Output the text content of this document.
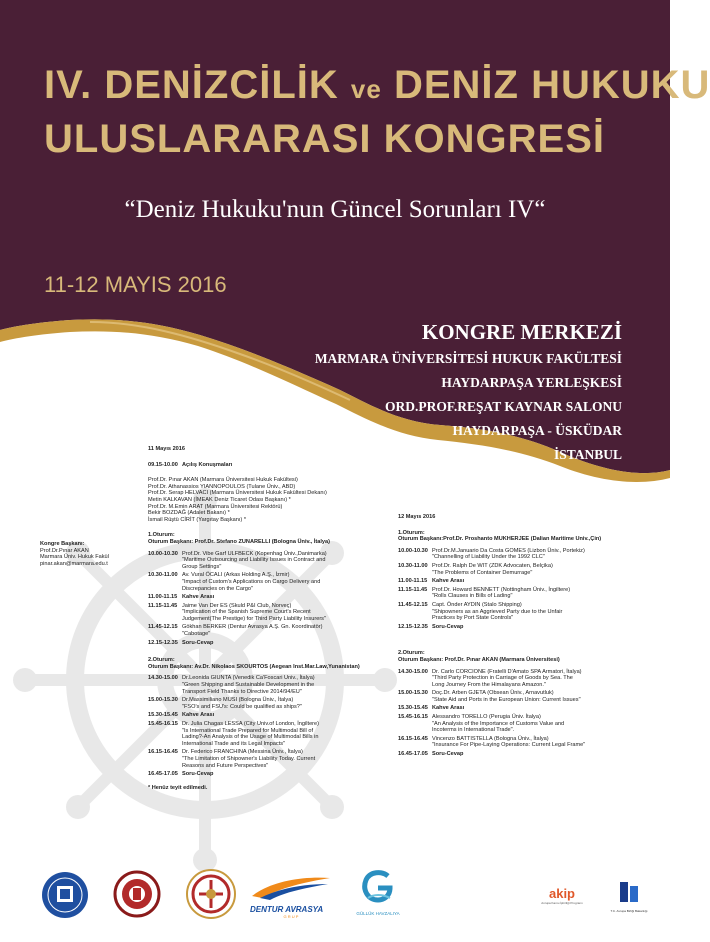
IV. DENİZCİLİK ve DENİZ HUKUKU
ULUSLARARASI KONGRESİ
“Deniz Hukuku'nun Güncel Sorunları IV“
11-12 MAYIS 2016
KONGRE MERKEZİ
MARMARA ÜNİVERSİTESİ HUKUK FAKÜLTESİ
HAYDARPAŞA YERLEŞKESİ
ORD.PROF.REŞAT KAYNAR SALONU
HAYDARPAŞA - ÜSKÜDAR
İSTANBUL
Kongre Başkanı:
Prof.Dr.Pınar AKAN
Marmara Üniv. Hukuk Fakül
pinar.akan@marmara.edu.t
11 Mayıs 2016
09.15-10.00 Açılış Konuşmaları
Prof.Dr. Pınar AKAN (Marmara Üniversitesi Hukuk Fakültesi)
Prof.Dr. Athanassios YIANNOPOULOS (Tulane Üniv., ABD)
Prof.Dr. Serap HELVACI (Marmara Üniversitesi Hukuk Fakültesi Dekanı)
Metin KALKAVAN (İMEAK Deniz Ticaret Odası Başkanı) *
Prof.Dr. M.Emin ARAT (Marmara Üniversitesi Rektörü)
Bekir BOZDAĞ (Adalet Bakanı) *
İsmail Rüştü CİRİT (Yargıtay Başkanı) *
1.Oturum:
Oturum Başkanı: Prof.Dr. Stefano ZUNARELLI (Bologna Üniv., İtalya)
10.00-10.30 Prof.Dr. Vibe Garf ULFBECK (Kopenhag Üniv.,Danimarka)
"Maritime Outsourcing and Liability Issues in Contract and
Group Settings"
10.30-11.00 Av. Vural ÖCALI (Arkas Holding A.Ş., İzmir)
"Impact of Custom's Applications on Cargo Delivery and
Discrepancies on the Cargo"
11.00-11.15 Kahve Arası
11.15-11.45 Jaime Van Der ES (Skuld P&I Club, Norveç)
"Implication of the Spanish Supreme Court's Recent
Judgement(The Prestige) for Third Party Liability Insurers"
11.45-12.15 Gökhan BERKER (Dentur Avrasya A.Ş. Gn. Koordinatör)
"Cabotage"
12.15-12.35 Soru-Cevap
2.Oturum:
Oturum Başkanı: Av.Dr. Nikolaos SKOURTOS (Aegean Inst.Mar.Law,Yunanistan)
14.30-15.00 Dr.Leonida GIUNTA (Venedik Ca'Foscari Univ., İtalya)
"Green Shipping and Sustainable Development in the
Transport Field Thanks to Directive 2014/94/EU"
15.00-15.30 Dr.Massimiliano MUSI (Bologna Üniv., İtalya)
"FSO's and FSU's: Could be qualified as ships?"
15.30-15.45 Kahve Arası
15.45-16.15 Dr. Julia Chagas LESSA (City Univ.of London, İngiltere)
"Is International Trade Prepared for Multimodal Bill of
Lading?-An Analysis of the Usage of Multimodal Bills in
International Trade and its Legal Impacts"
16.15-16.45 Dr. Federico FRANCHINA (Messina Üniv., İtalya)
"The Limitation of Shipowner's Liability Today. Current
Reasons and Future Perspectives"
16.45-17.05 Soru-Cevap
* Henüz teyit edilmedi.
12 Mayıs 2016
1.Oturum:
Oturum Başkanı:Prof.Dr. Proshanto MUKHERJEE (Dalian Maritime Univ.,Çin)
10.00-10.30 Prof.Dr.M.Januario Da Costa GOMES (Lizbon Üniv., Portekiz)
"Channelling of Liability Under the 1992 CLC"
10.30-11.00 Prof.Dr. Ralph De WIT (ZDK Advocaten, Belçika)
"The Problems of Container Demurrage"
11.00-11.15 Kahve Arası
11.15-11.45 Prof.Dr. Howard BENNETT (Nottingham Üniv., İngiltere)
"Rolls Clauses in Bills of Lading"
11.45-12.15 Capt. Önder AYDIN (Stalo Shipping)
"Shipowners as an Aggrieved Party due to the Unfair
Practices by Port State Controls"
12.15-12.35 Soru-Cevap
2.Oturum:
Oturum Başkanı: Prof.Dr. Pınar AKAN (Marmara Üniversitesi)
14.30-15.00 Dr. Carlo CORCIONE (Fratelli D'Amato SPA Armatori, İtalya)
"Third Party Protection in Carriage of Goods by Sea. The
Long Journey From the Himalayans Amazon."
15.00-15.30 Doç.Dr. Arben GJETA (Obsean Üniv., Arnavutluk)
"State Aid and Ports in the European Union: Current Issues"
15.30-15.45 Kahve Arası
15.45-16.15 Alessandro TORELLO (Perugia Üniv. İtalya)
"An Analysis of the Importance of Customs Value and
Incoterms in International Trade".
16.15-16.45 Vincenzo BATTISTELLA (Bologna Üniv., İtalya)
"Insurance For Pipe-Laying Operations: Current Legal Frame"
16.45-17.05 Soru-Cevap
DENTUR AVRASYA
G R U P
GÜLLÜK HAVZALIYA
akip
Avrupa Kamu İşbirliği Programı
T.C. Avrupa Birliği Bakanlığı
